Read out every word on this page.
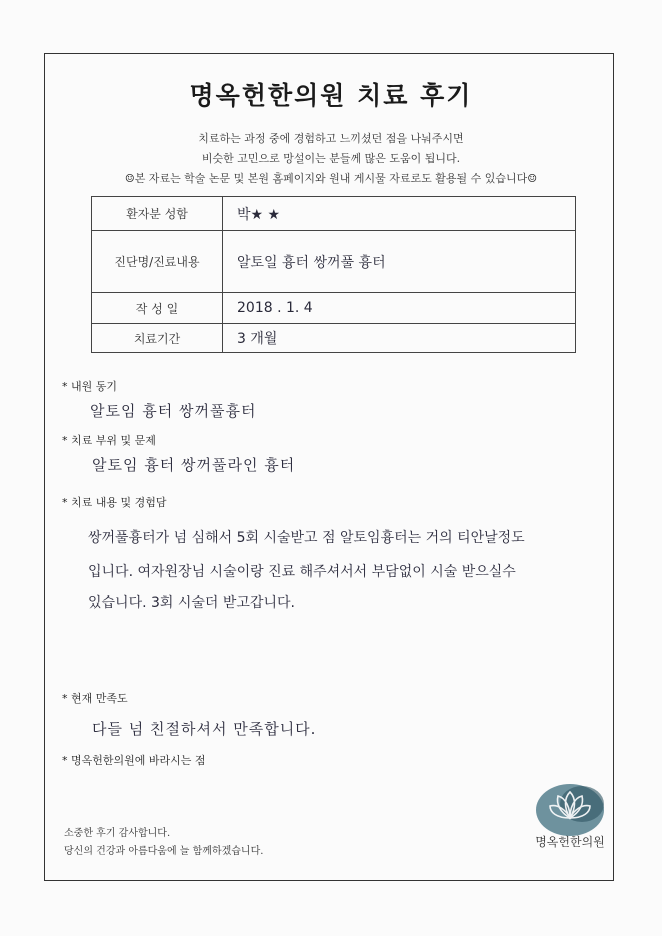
명옥헌한의원 치료 후기
치료하는 과정 중에 경험하고 느끼셨던 점을 나눠주시면
비슷한 고민으로 망설이는 분들께 많은 도움이 됩니다.
☺본 자료는 학술 논문 및 본원 홈페이지와 원내 게시물 자료로도 활용될 수 있습니다☺
환자분 성함	박★ ★
진단명/진료내용	알토일 흉터 쌍꺼풀 흉터
작 성 일	2018 . 1. 4
치료기간	3 개월
* 내원 동기
알토임 흉터 쌍꺼풀흉터
* 치료 부위 및 문제
알토임 흉터 쌍꺼풀라인 흉터
* 치료 내용 및 경험담
쌍꺼풀흉터가 넘 심해서 5회 시술받고 점 알토임흉터는 거의 티안날정도
입니다. 여자원장님 시술이랑 진료 해주셔서서 부담없이 시술 받으실수
있습니다. 3회 시술더 받고갑니다.
* 현재 만족도
다들 넘 친절하셔서 만족합니다.
* 명옥헌한의원에 바라시는 점
소중한 후기 감사합니다.
당신의 건강과 아름다움에 늘 함께하겠습니다.
명옥헌한의원
